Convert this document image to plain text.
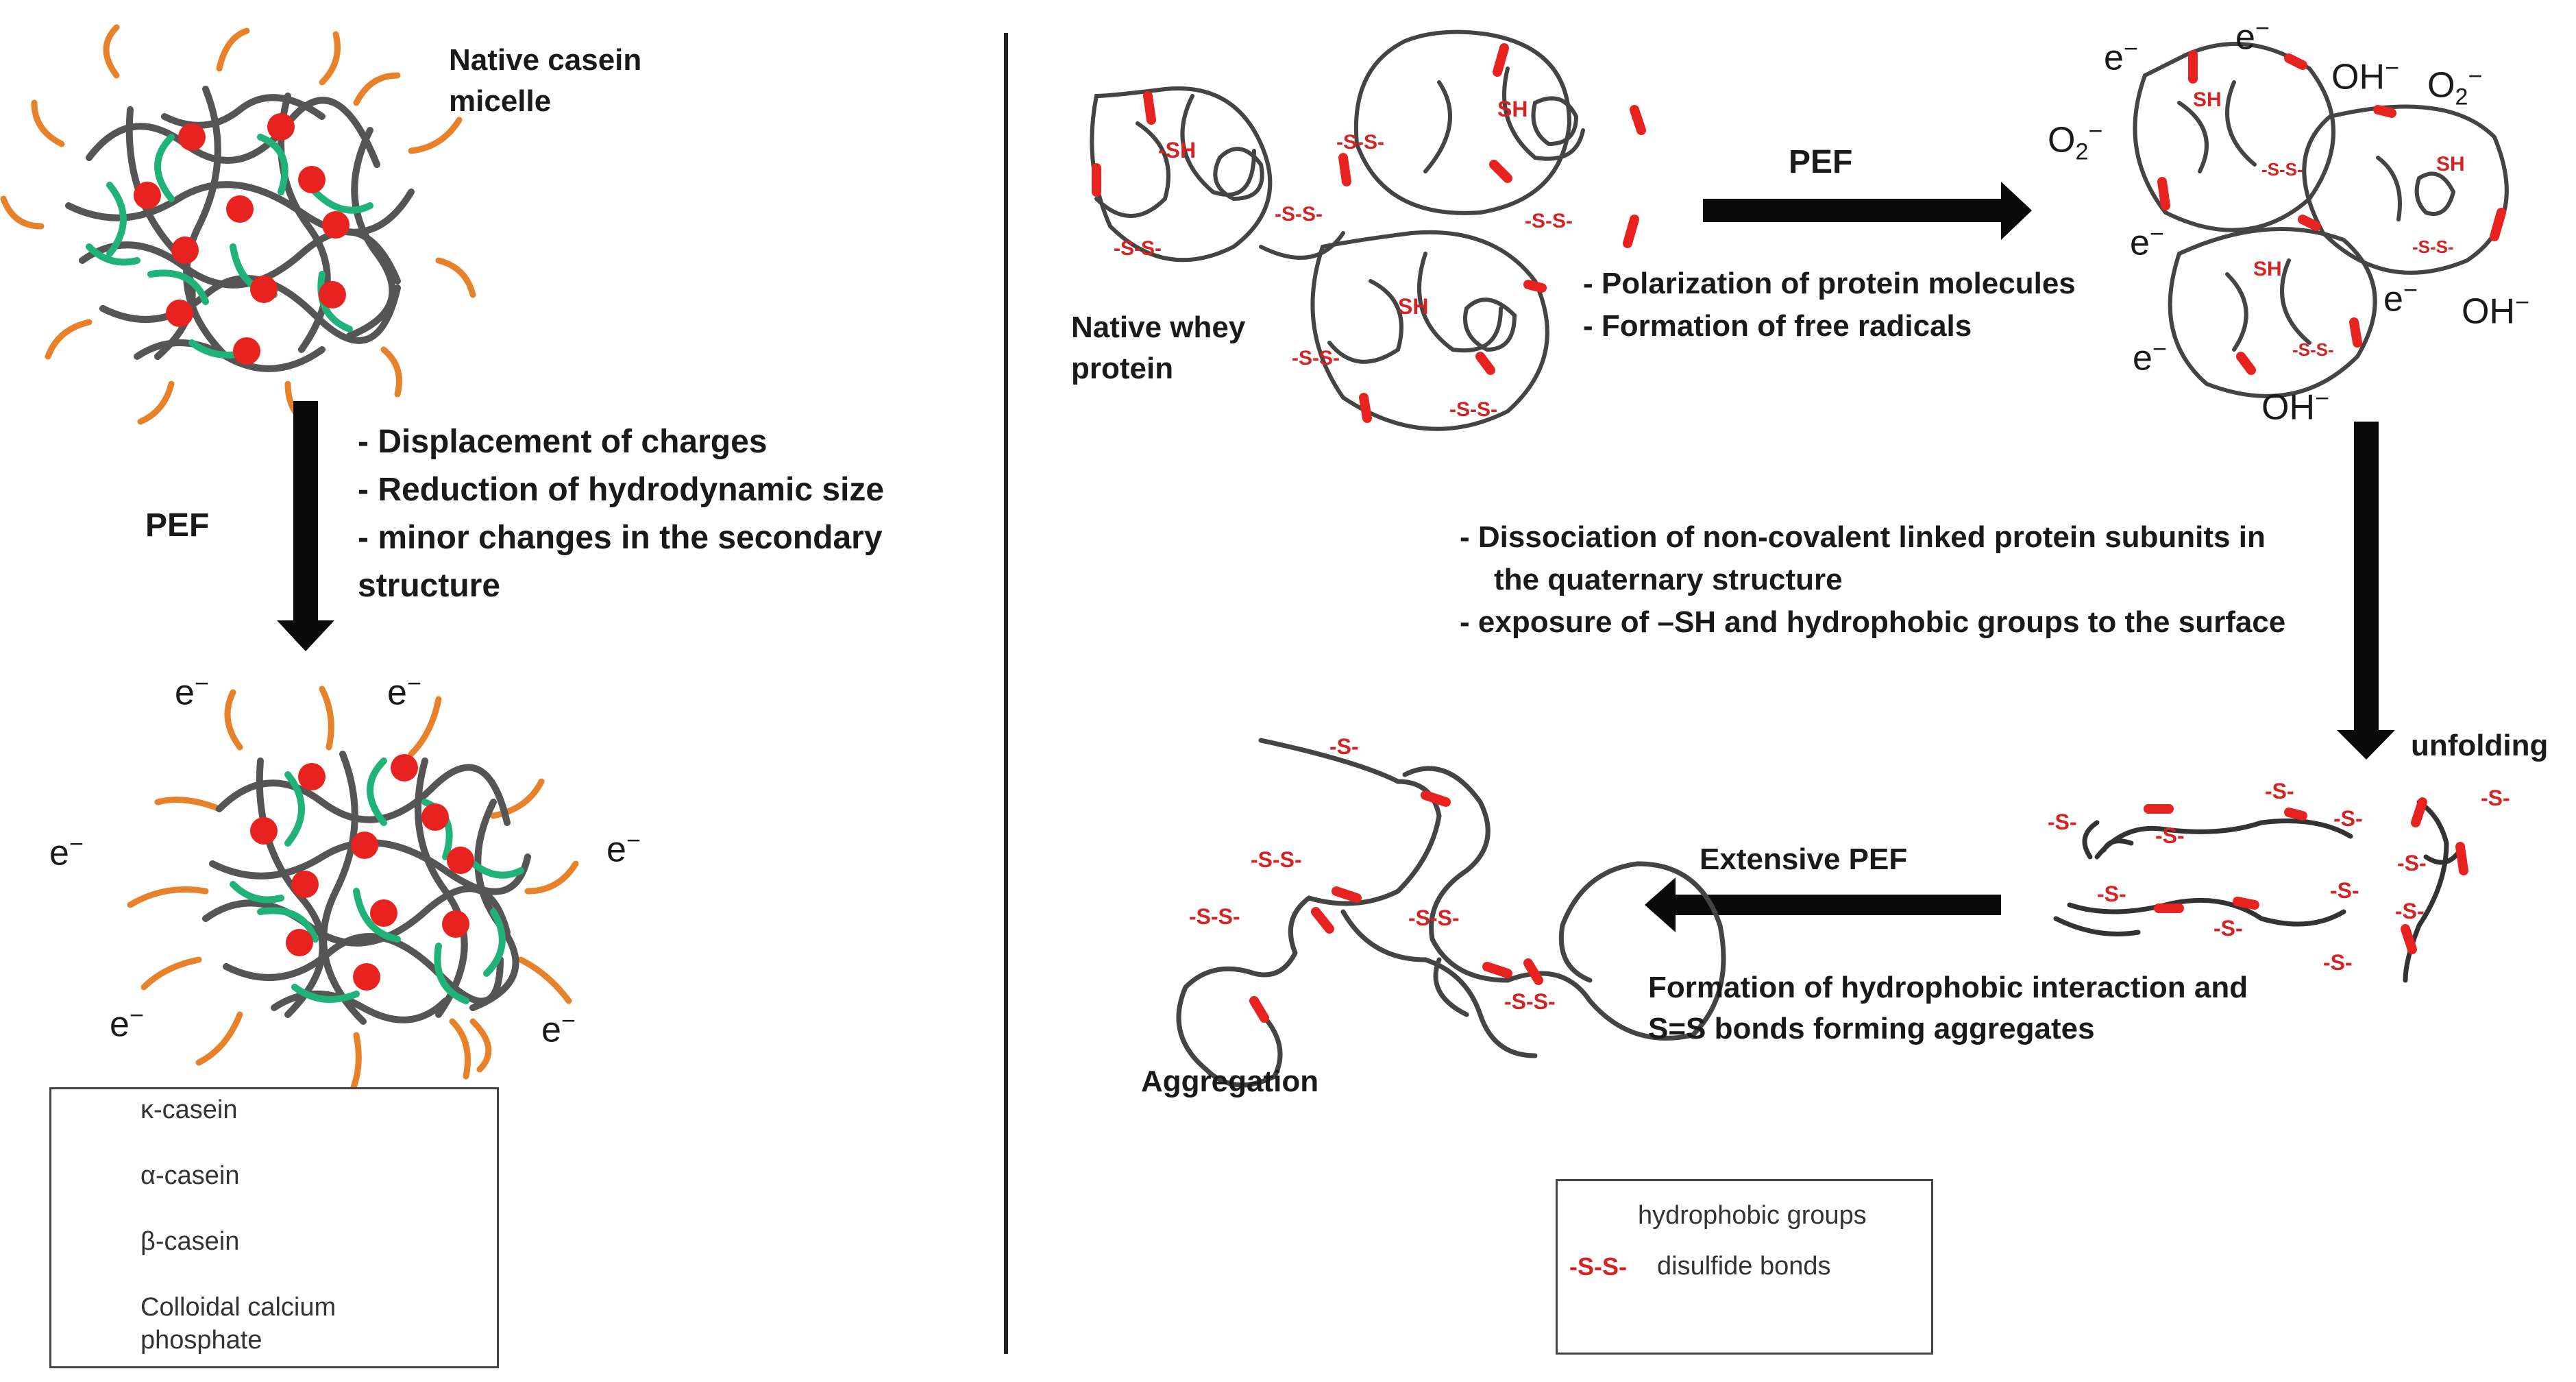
Native casein
micelle
PEF
- Displacement of charges
- Reduction of hydrodynamic size
- minor changes in the secondary
structure
e−	e−
e−	e−
e−	e−
κ-casein
α-casein
β-casein
Colloidal calcium
phosphate
Native whey
protein
-SH
SH
SH
-S-S-
-S-S-
-S-S-
-S-S-
-S-S-
-S-S-
PEF
- Polarization of protein molecules
- Formation of free radicals
e−	e−
OH− $O_2^-$
$O_2^-$
e−
e−
OH−
e−
OH−
SH
SH
SH
-S-S-
-S-S-
-S-S-
- Dissociation of non-covalent linked protein subunits in
the quaternary structure
- exposure of –SH and hydrophobic groups to the surface
unfolding
-S-
-S-
-S-
-S-
-S-
-S-
-S-
-S-
-S-
-S-
-S-
Extensive PEF
Formation of hydrophobic interaction and
S=S bonds forming aggregates
Aggregation
-S-
-S-S-
-S-S-	-S-S-
-S-S-
hydrophobic groups
-S-S- disulfide bonds
